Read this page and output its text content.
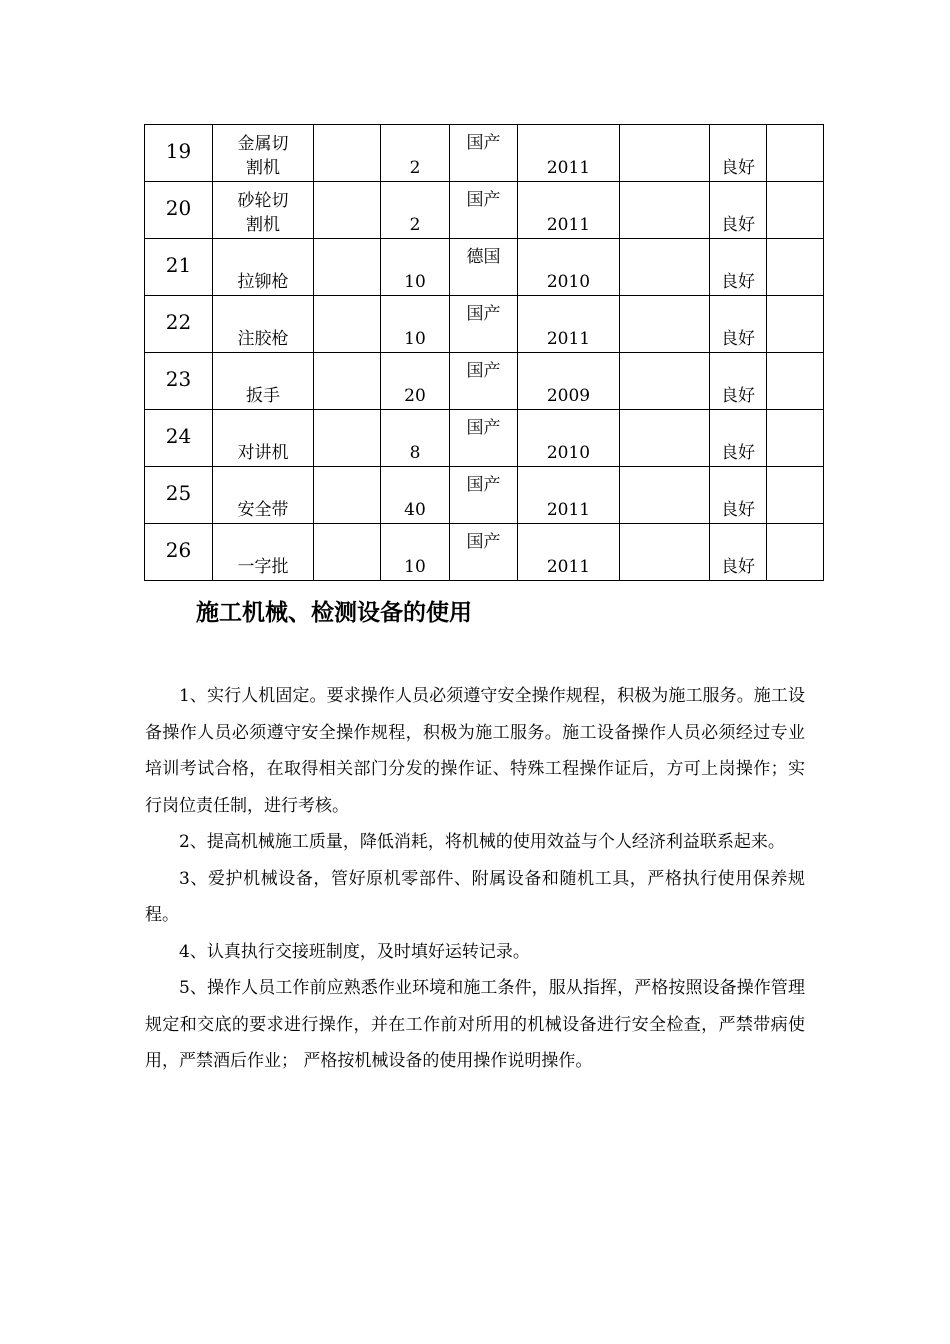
19	金属切割机		2	国产	2011		良好	
20	砂轮切割机		2	国产	2011		良好	
21	拉铆枪		10	德国	2010		良好	
22	注胶枪		10	国产	2011		良好	
23	扳手		20	国产	2009		良好	
24	对讲机		8	国产	2010		良好	
25	安全带		40	国产	2011		良好	
26	一字批		10	国产	2011		良好	
施工机械、检测设备的使用

1、实行人机固定。要求操作人员必须遵守安全操作规程，积极为施工服务。施工设备操作人员必须遵守安全操作规程，积极为施工服务。施工设备操作人员必须经过专业培训考试合格，在取得相关部门分发的操作证、特殊工程操作证后，方可上岗操作；实行岗位责任制，进行考核。

2、提高机械施工质量，降低消耗，将机械的使用效益与个人经济利益联系起来。

3、爱护机械设备，管好原机零部件、附属设备和随机工具，严格执行使用保养规程。

4、认真执行交接班制度，及时填好运转记录。

5、操作人员工作前应熟悉作业环境和施工条件，服从指挥，严格按照设备操作管理规定和交底的要求进行操作，并在工作前对所用的机械设备进行安全检查，严禁带病使用，严禁酒后作业； 严格按机械设备的使用操作说明操作。
